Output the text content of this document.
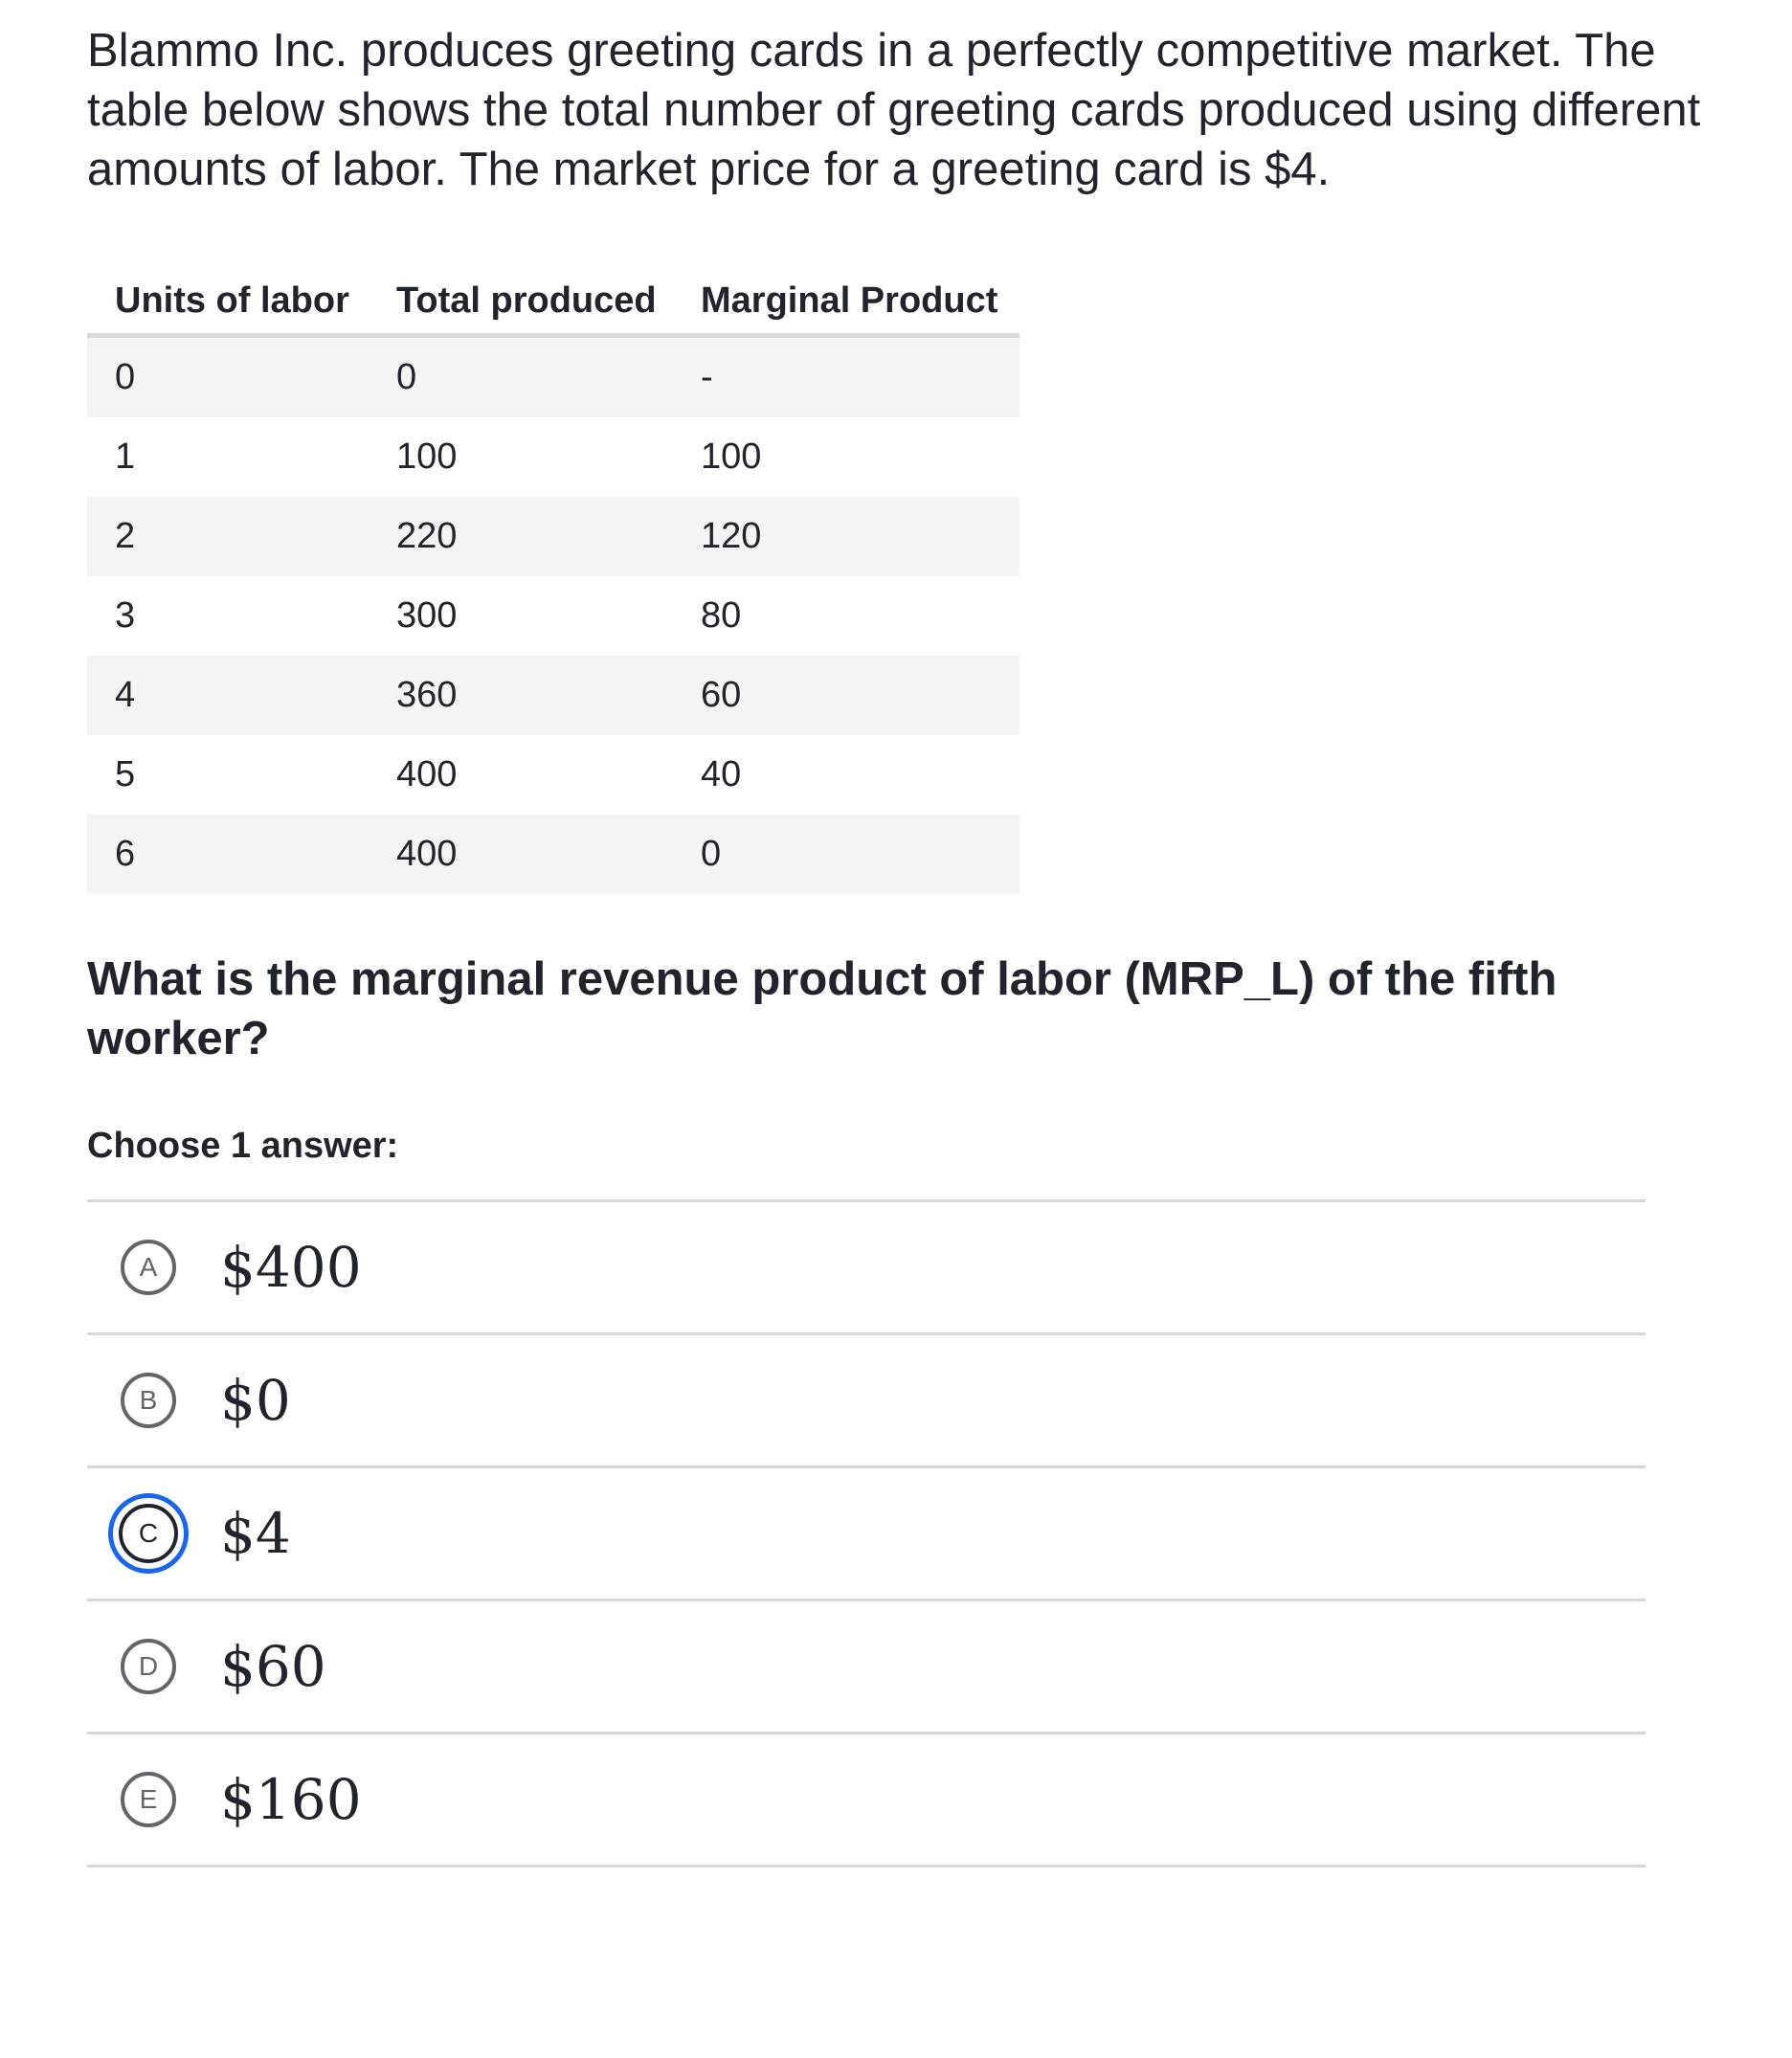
Blammo Inc. produces greeting cards in a perfectly competitive market. The table below shows the total number of greeting cards produced using different amounts of labor. The market price for a greeting card is $4.

Units of labor	Total produced	Marginal Product
0	0	-
1	100	100
2	220	120
3	300	80
4	360	60
5	400	40
6	400	0

What is the marginal revenue product of labor (MRP_L) of the fifth worker?

Choose 1 answer:

A	$400
B	$0
C	$4
D	$60
E	$160
